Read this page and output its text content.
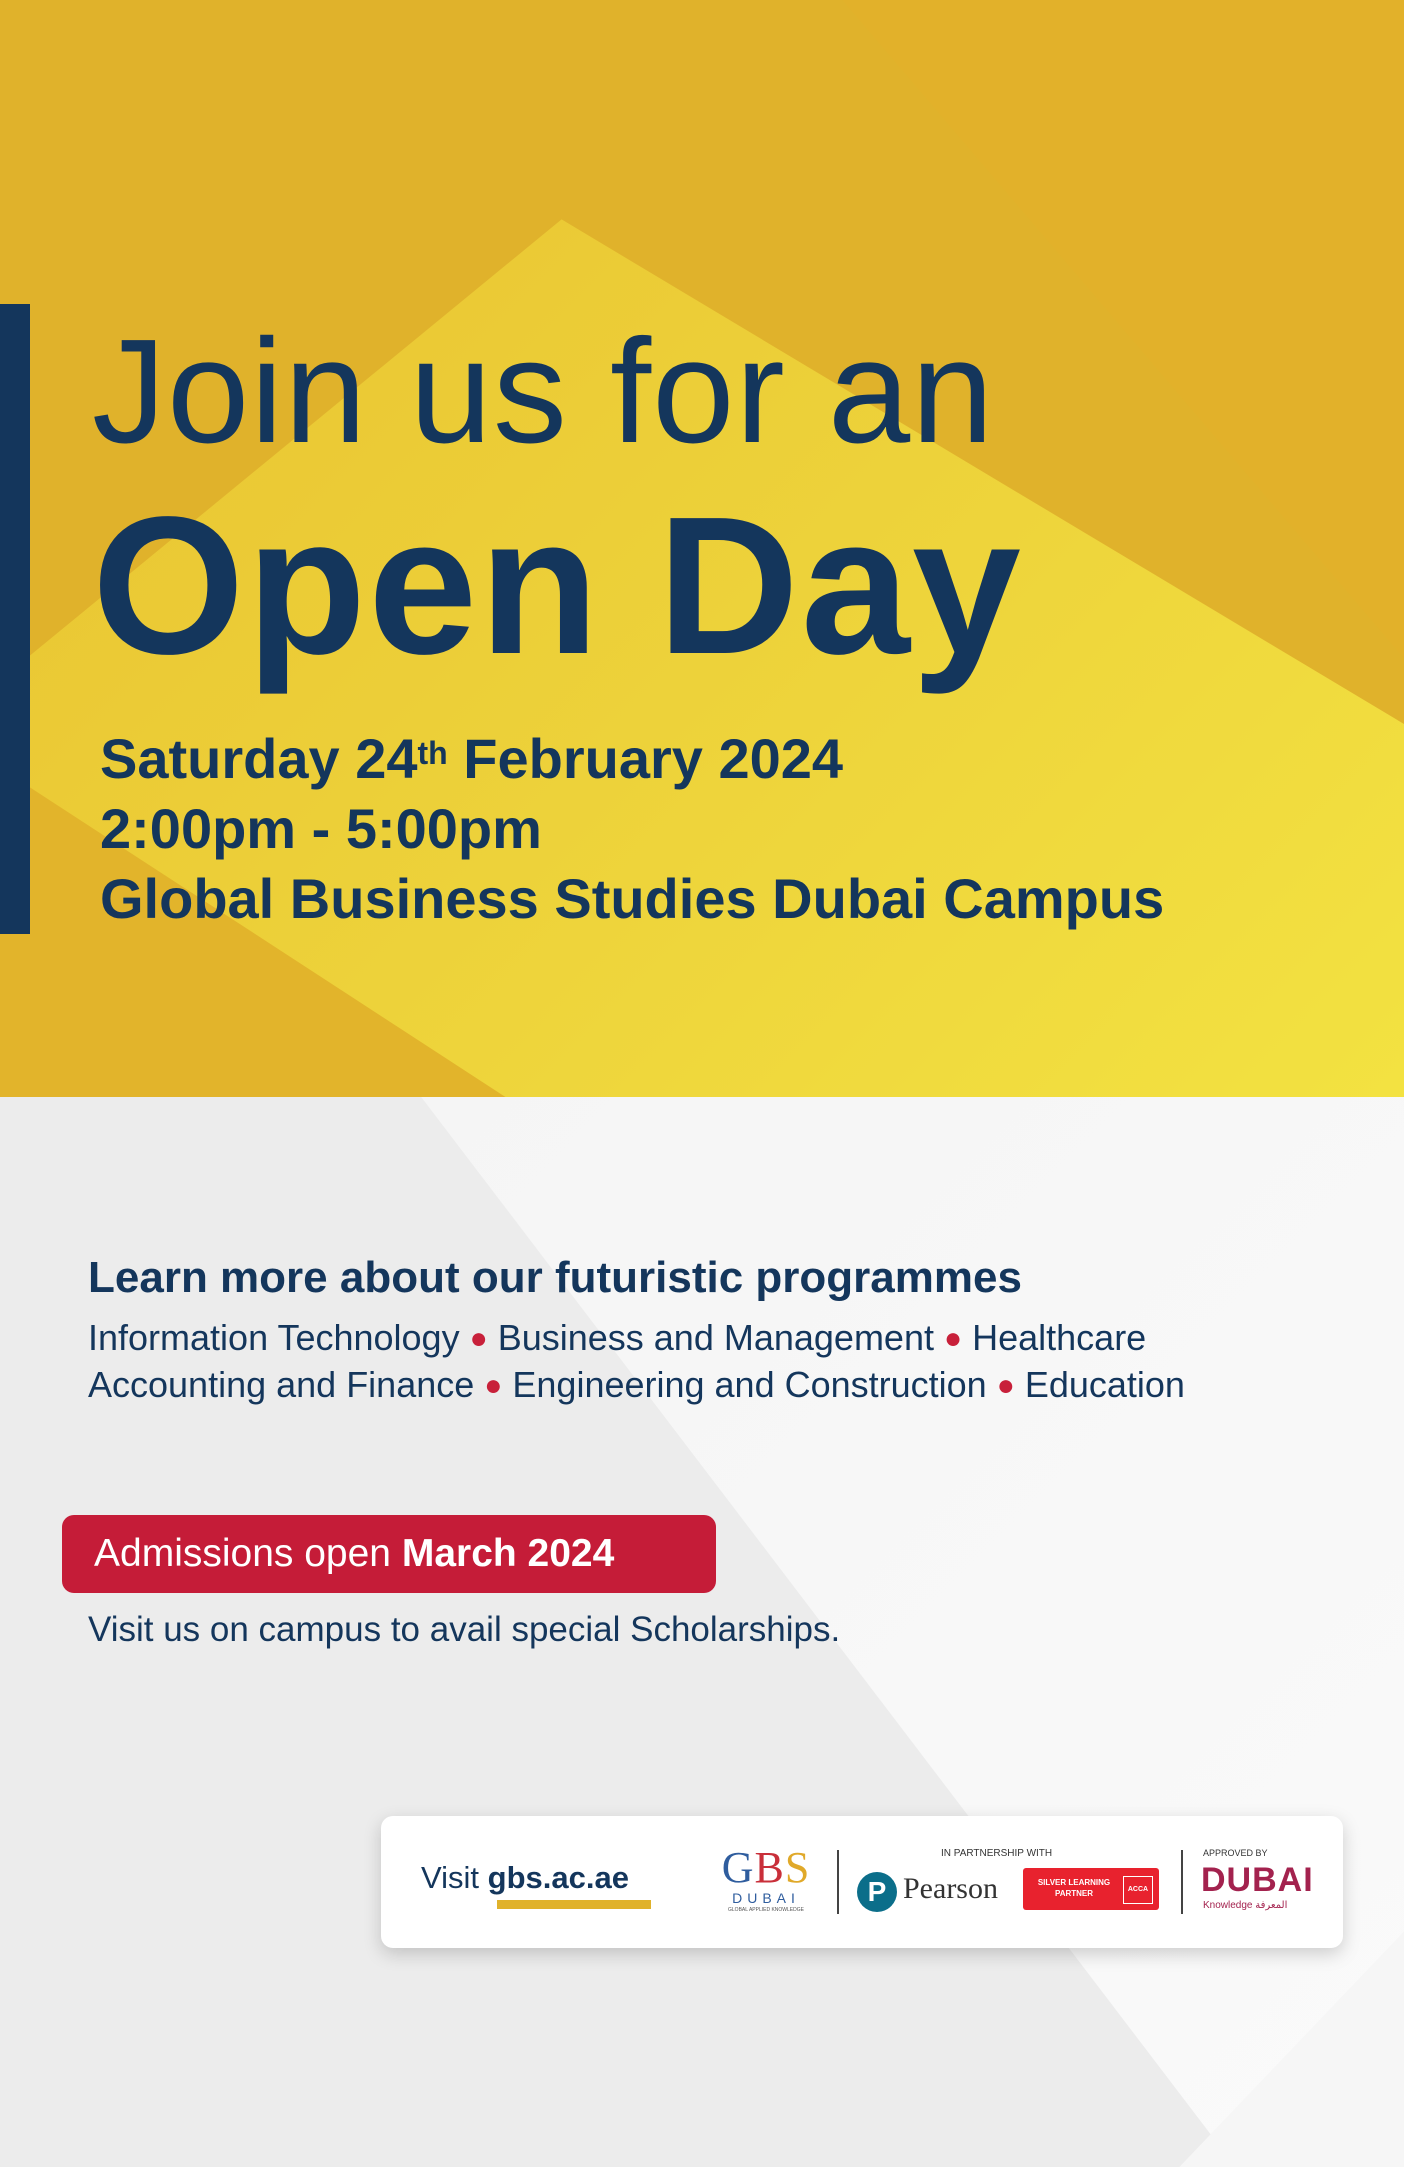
Join us for an
Open Day
Saturday 24th February 2024
2:00pm - 5:00pm
Global Business Studies Dubai Campus
Learn more about our futuristic programmes
Information Technology ● Business and Management ● Healthcare
Accounting and Finance ● Engineering and Construction ● Education
Admissions open March 2024
Visit us on campus to avail special Scholarships.
Visit gbs.ac.ae GBS
DUBAI
GLOBAL APPLIED KNOWLEDGE
IN PARTNERSHIP WITH
P Pearson	SILVER LEARNING PARTNER	ACCA
APPROVED BY
DUBAI
Knowledge المعرفة
